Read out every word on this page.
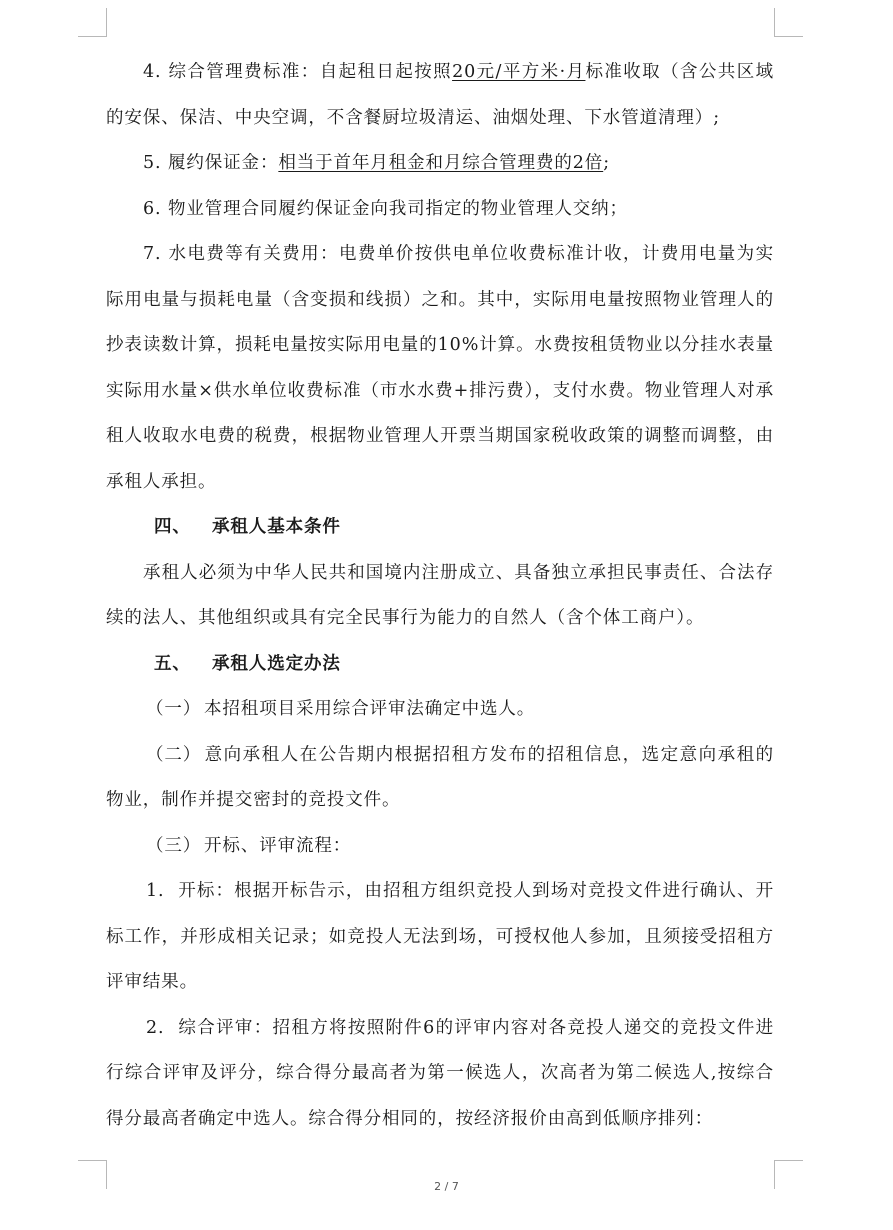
4. 综合管理费标准：自起租日起按照20元/平方米·月标准收取（含公共区域的安保、保洁、中央空调，不含餐厨垃圾清运、油烟处理、下水管道清理）;

5. 履约保证金：相当于首年月租金和月综合管理费的2倍;

6. 物业管理合同履约保证金向我司指定的物业管理人交纳；

7. 水电费等有关费用：电费单价按供电单位收费标准计收，计费用电量为实际用电量与损耗电量（含变损和线损）之和。其中，实际用电量按照物业管理人的抄表读数计算，损耗电量按实际用电量的10%计算。水费按租赁物业以分挂水表量实际用水量×供水单位收费标准（市水水费+排污费），支付水费。物业管理人对承租人收取水电费的税费，根据物业管理人开票当期国家税收政策的调整而调整，由承租人承担。

四、 承租人基本条件

承租人必须为中华人民共和国境内注册成立、具备独立承担民事责任、合法存续的法人、其他组织或具有完全民事行为能力的自然人（含个体工商户）。

五、 承租人选定办法

（一） 本招租项目采用综合评审法确定中选人。

（二） 意向承租人在公告期内根据招租方发布的招租信息，选定意向承租的物业，制作并提交密封的竞投文件。

（三） 开标、评审流程：

1. 开标：根据开标告示，由招租方组织竞投人到场对竞投文件进行确认、开标工作，并形成相关记录；如竞投人无法到场，可授权他人参加，且须接受招租方评审结果。

2. 综合评审：招租方将按照附件6的评审内容对各竞投人递交的竞投文件进行综合评审及评分，综合得分最高者为第一候选人，次高者为第二候选人,按综合得分最高者确定中选人。综合得分相同的，按经济报价由高到低顺序排列：

2 / 7
